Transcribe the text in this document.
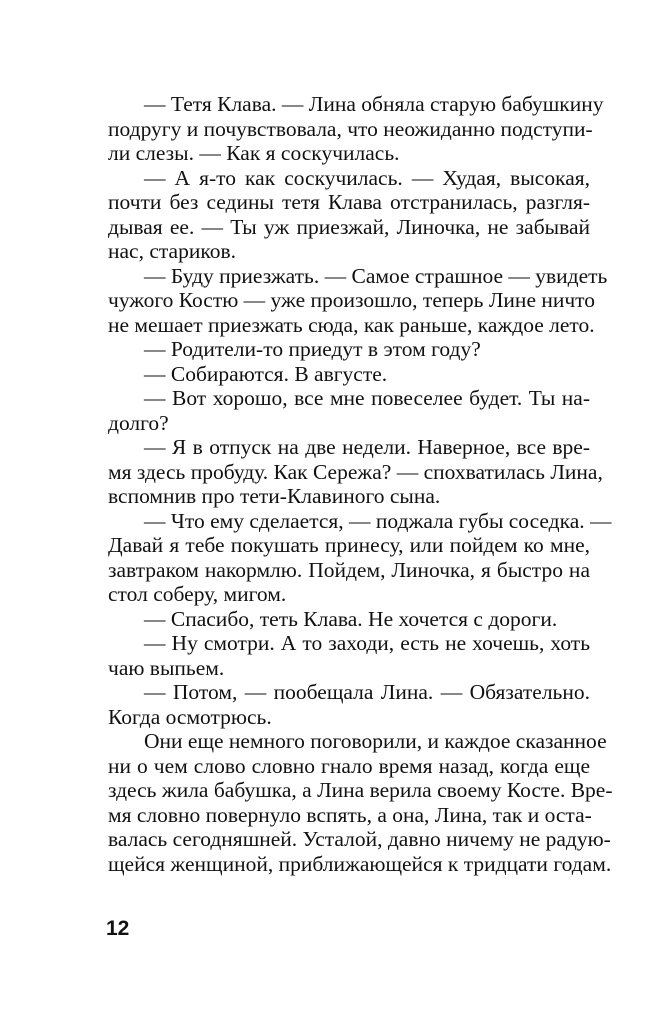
— Тетя Клава. — Лина обняла старую бабушкину
подругу и почувствовала, что неожиданно подступи-
ли слезы. — Как я соскучилась.
— А я-то как соскучилась. — Худая, высокая,
почти без седины тетя Клава отстранилась, разгля-
дывая ее. — Ты уж приезжай, Линочка, не забывай
нас, стариков.
— Буду приезжать. — Самое страшное — увидеть
чужого Костю — уже произошло, теперь Лине ничто
не мешает приезжать сюда, как раньше, каждое лето.
— Родители-то приедут в этом году?
— Собираются. В августе.
— Вот хорошо, все мне повеселее будет. Ты на-
долго?
— Я в отпуск на две недели. Наверное, все вре-
мя здесь пробуду. Как Сережа? — спохватилась Лина,
вспомнив про тети-Клавиного сына.
— Что ему сделается, — поджала губы соседка. —
Давай я тебе покушать принесу, или пойдем ко мне,
завтраком накормлю. Пойдем, Линочка, я быстро на
стол соберу, мигом.
— Спасибо, теть Клава. Не хочется с дороги.
— Ну смотри. А то заходи, есть не хочешь, хоть
чаю выпьем.
— Потом, — пообещала Лина. — Обязательно.
Когда осмотрюсь.
Они еще немного поговорили, и каждое сказанное
ни о чем слово словно гнало время назад, когда еще
здесь жила бабушка, а Лина верила своему Косте. Вре-
мя словно повернуло вспять, а она, Лина, так и оста-
валась сегодняшней. Усталой, давно ничему не радую-
щейся женщиной, приближающейся к тридцати годам.
12
